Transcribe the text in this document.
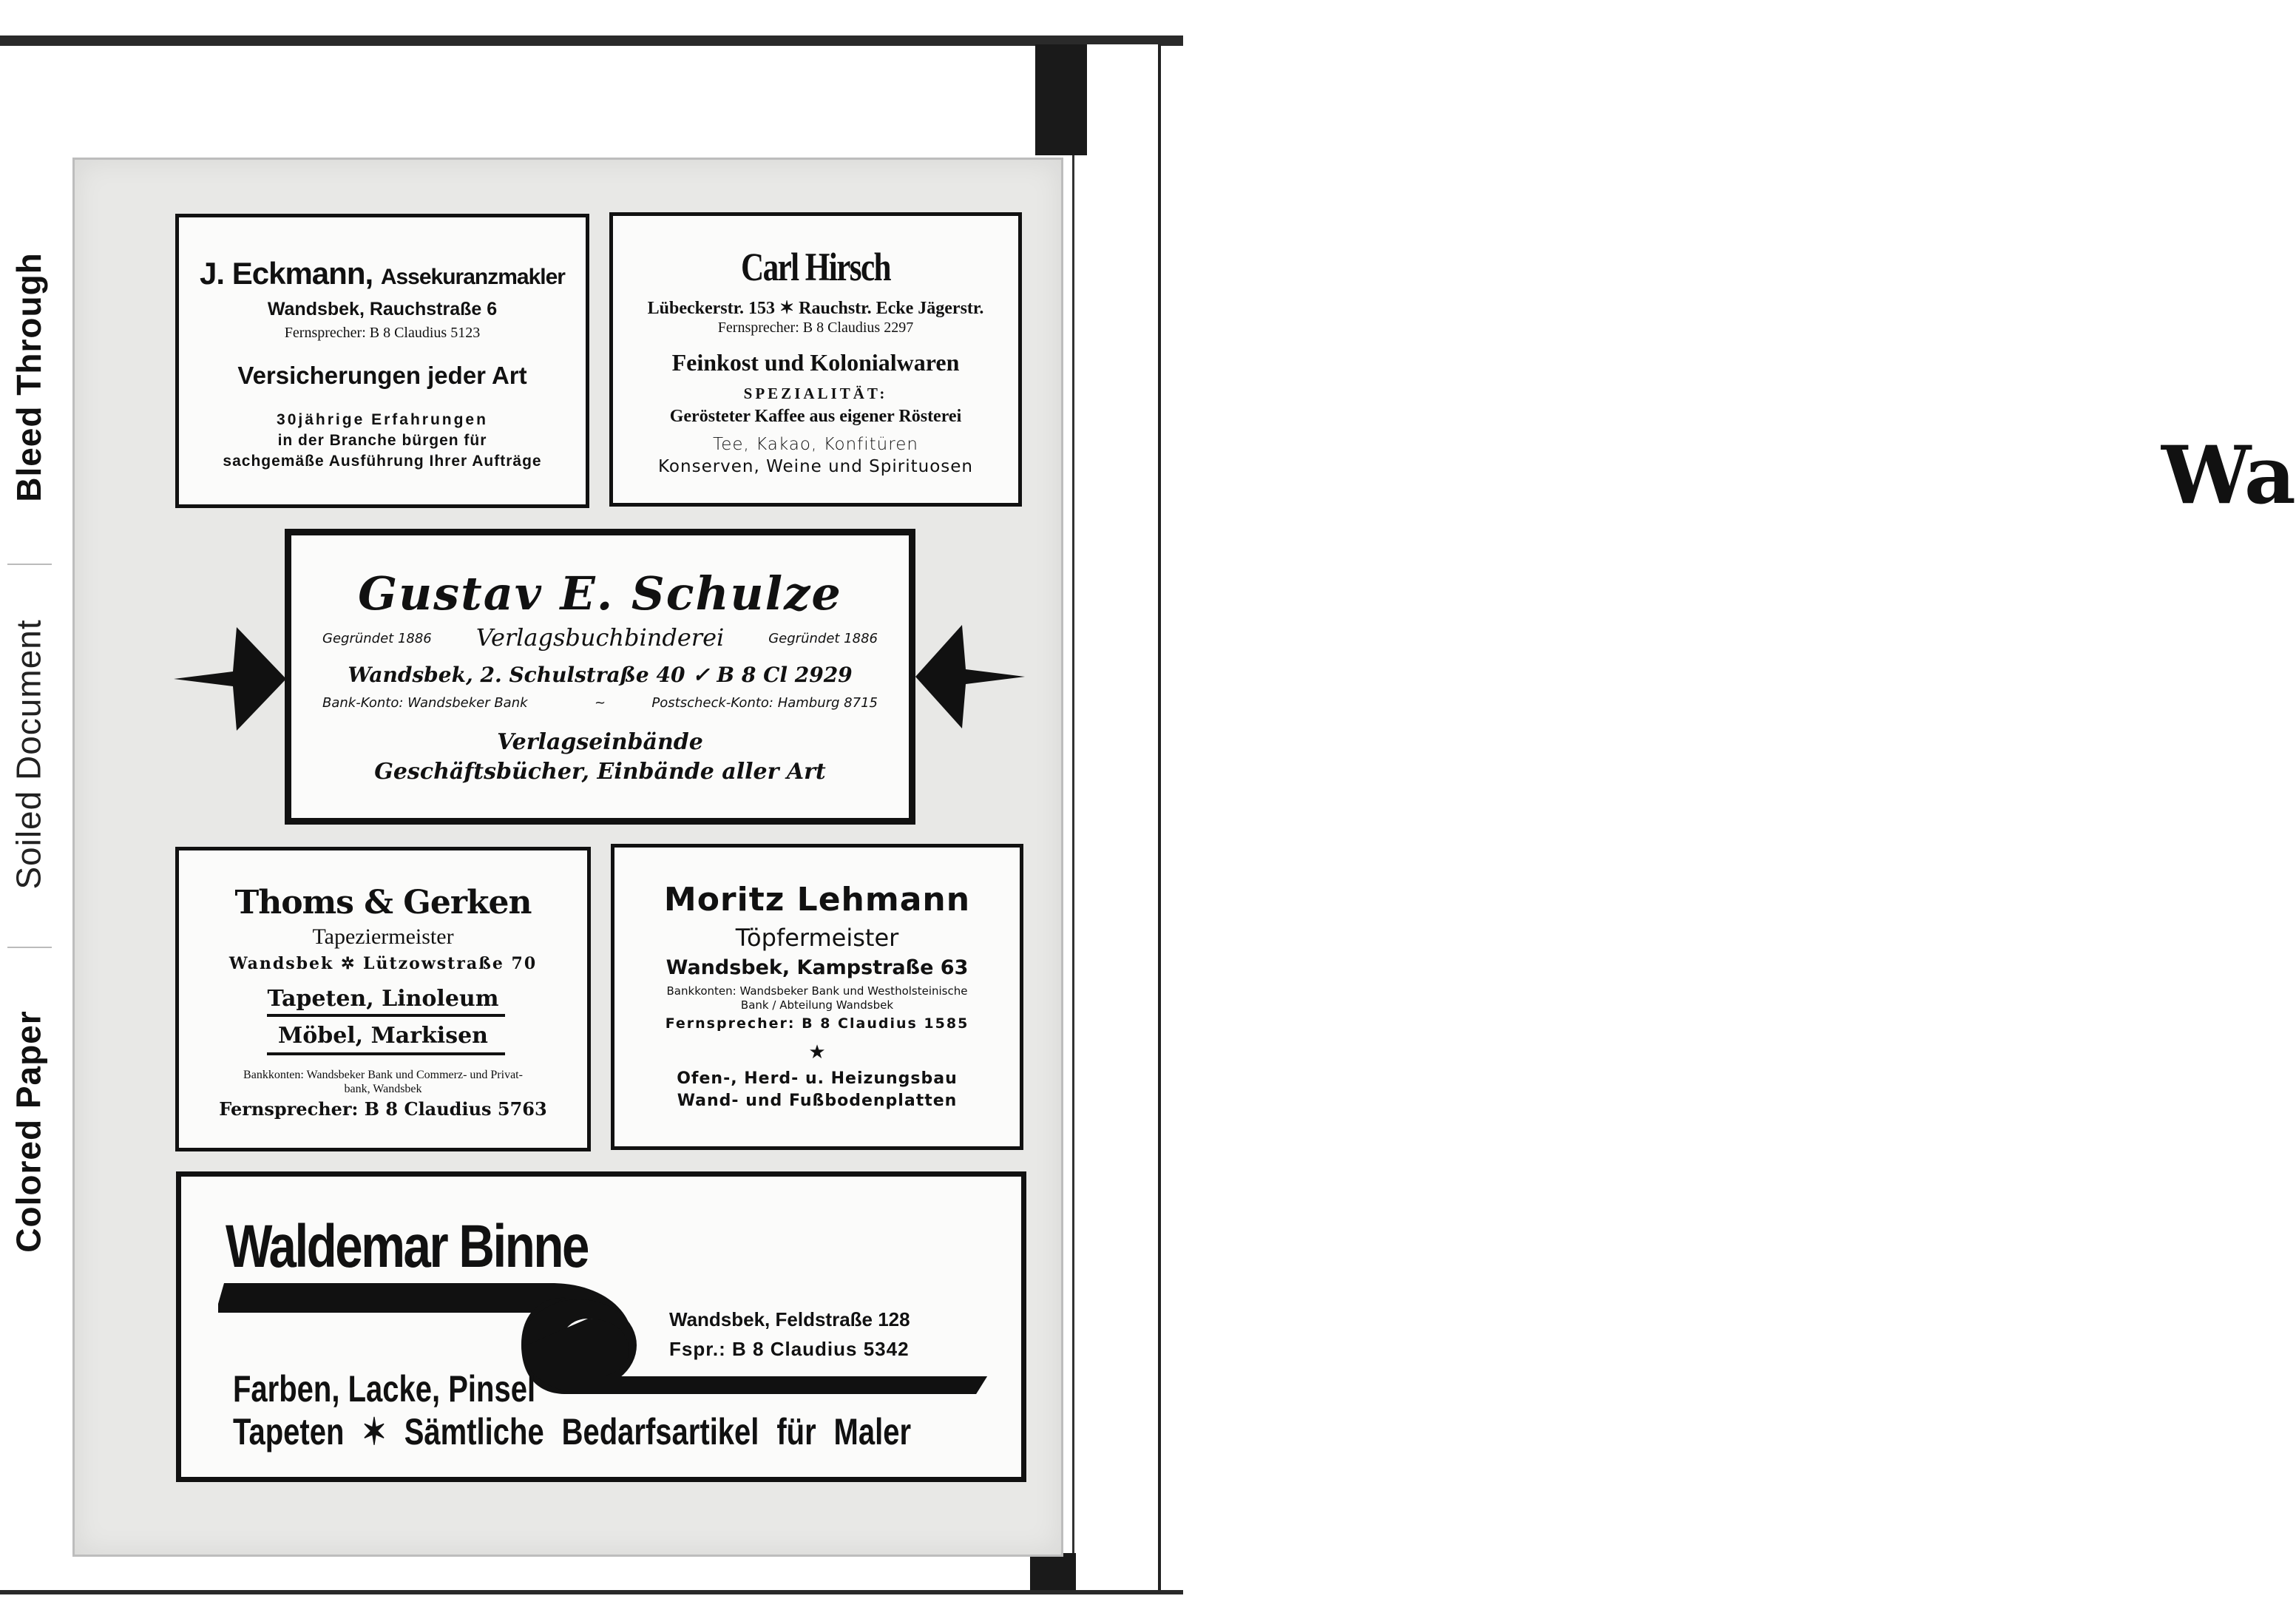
Wa
Bleed Through
Soiled Document
Colored Paper
J. Eckmann, Assekuranzmakler
Wandsbek, Rauchstraße 6
Fernsprecher: B 8 Claudius 5123
Versicherungen jeder Art
30jährige Erfahrungen
in der Branche bürgen für
sachgemäße Ausführung Ihrer Aufträge
Carl Hirsch
Lübeckerstr. 153 ✶ Rauchstr. Ecke Jägerstr.
Fernsprecher: B 8 Claudius 2297
Feinkost und Kolonialwaren
SPEZIALITÄT:
Gerösteter Kaffee aus eigener Rösterei
Tee, Kakao, Konfitüren
Konserven, Weine und Spirituosen
Gustav E. Schulze
Gegründet 1886	Verlagsbuchbinderei	Gegründet 1886
Wandsbek, 2. Schulstraße 40 ✓ B 8 Cl 2929
Bank-Konto: Wandsbeker Bank	~	Postscheck-Konto: Hamburg 8715
Verlagseinbände
Geschäftsbücher, Einbände aller Art
Thoms & Gerken
Tapeziermeister
Wandsbek ✲ Lützowstraße 70
Tapeten, Linoleum
Möbel, Markisen
Bankkonten: Wandsbeker Bank und Commerz- und Privat-
bank, Wandsbek
Fernsprecher: B 8 Claudius 5763
Moritz Lehmann
Töpfermeister
Wandsbek, Kampstraße 63
Bankkonten: Wandsbeker Bank und Westholsteinische
Bank / Abteilung Wandsbek
Fernsprecher: B 8 Claudius 1585
★
Ofen-, Herd- u. Heizungsbau
Wand- und Fußbodenplatten
Waldemar Binne
Wandsbek, Feldstraße 128
Fspr.: B 8 Claudius 5342
Farben, Lacke, Pinsel
Tapeten ✶ Sämtliche Bedarfsartikel für Maler
